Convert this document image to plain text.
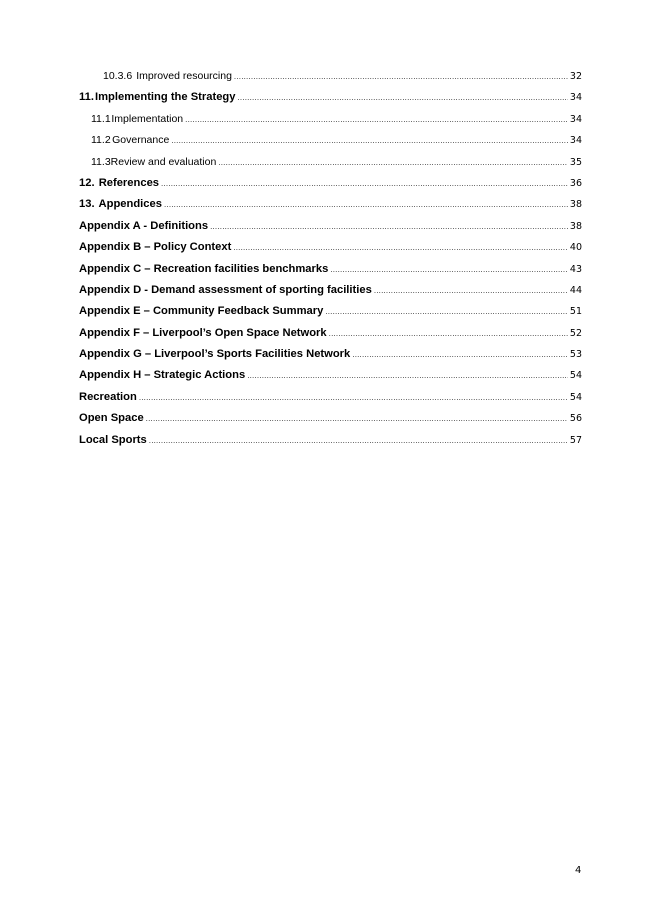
10.3.6 Improved resourcing .....	32
11. Implementing the Strategy .....	34
11.1 Implementation .....	34
11.2 Governance .....	34
11.3 Review and evaluation .....	35
12. References .....	36
13. Appendices .....	38
Appendix A - Definitions .....	38
Appendix B – Policy Context .....	40
Appendix C – Recreation facilities benchmarks .....	43
Appendix D - Demand assessment of sporting facilities .....	44
Appendix E – Community Feedback Summary .....	51
Appendix F – Liverpool’s Open Space Network .....	52
Appendix G – Liverpool’s Sports Facilities Network .....	53
Appendix H – Strategic Actions .....	54
Recreation .....	54
Open Space .....	56
Local Sports .....	57
4
